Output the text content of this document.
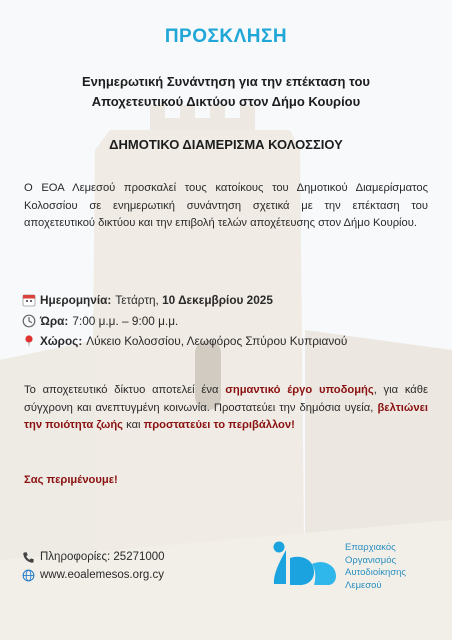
ΠΡΟΣΚΛΗΣΗ
Ενημερωτική Συνάντηση για την επέκταση του
Αποχετευτικού Δικτύου στον Δήμο Κουρίου
ΔΗΜΟΤΙΚΟ ΔΙΑΜΕΡΙΣΜΑ ΚΟΛΟΣΣΙΟΥ
Ο ΕΟΑ Λεμεσού προσκαλεί τους κατοίκους του Δημοτικού Διαμερίσματος Κολοσσίου σε ενημερωτική συνάντηση σχετικά με την επέκταση του αποχετευτικού δικτύου και την επιβολή τελών αποχέτευσης στον Δήμο Κουρίου.
Ημερομηνία: Τετάρτη,
10 Δεκεμβρίου 2025
Ώρα: 7:00 μ.μ. – 9:00 μ.μ.
Χώρος: Λύκειο Κολοσσίου, Λεωφόρος Σπύρου Κυπριανού
Το αποχετευτικό δίκτυο αποτελεί ένα σημαντικό έργο υποδομής, για κάθε σύγχρονη και ανεπτυγμένη κοινωνία. Προστατεύει την δημόσια υγεία, βελτιώνει την ποιότητα ζωής και προστατεύει το περιβάλλον!
Σας περιμένουμε!
Πληροφορίες: 25271000
www.eoalemesos.org.cy
Επαρχιακός
Οργανισμός
Αυτοδιοίκησης
Λεμεσού
